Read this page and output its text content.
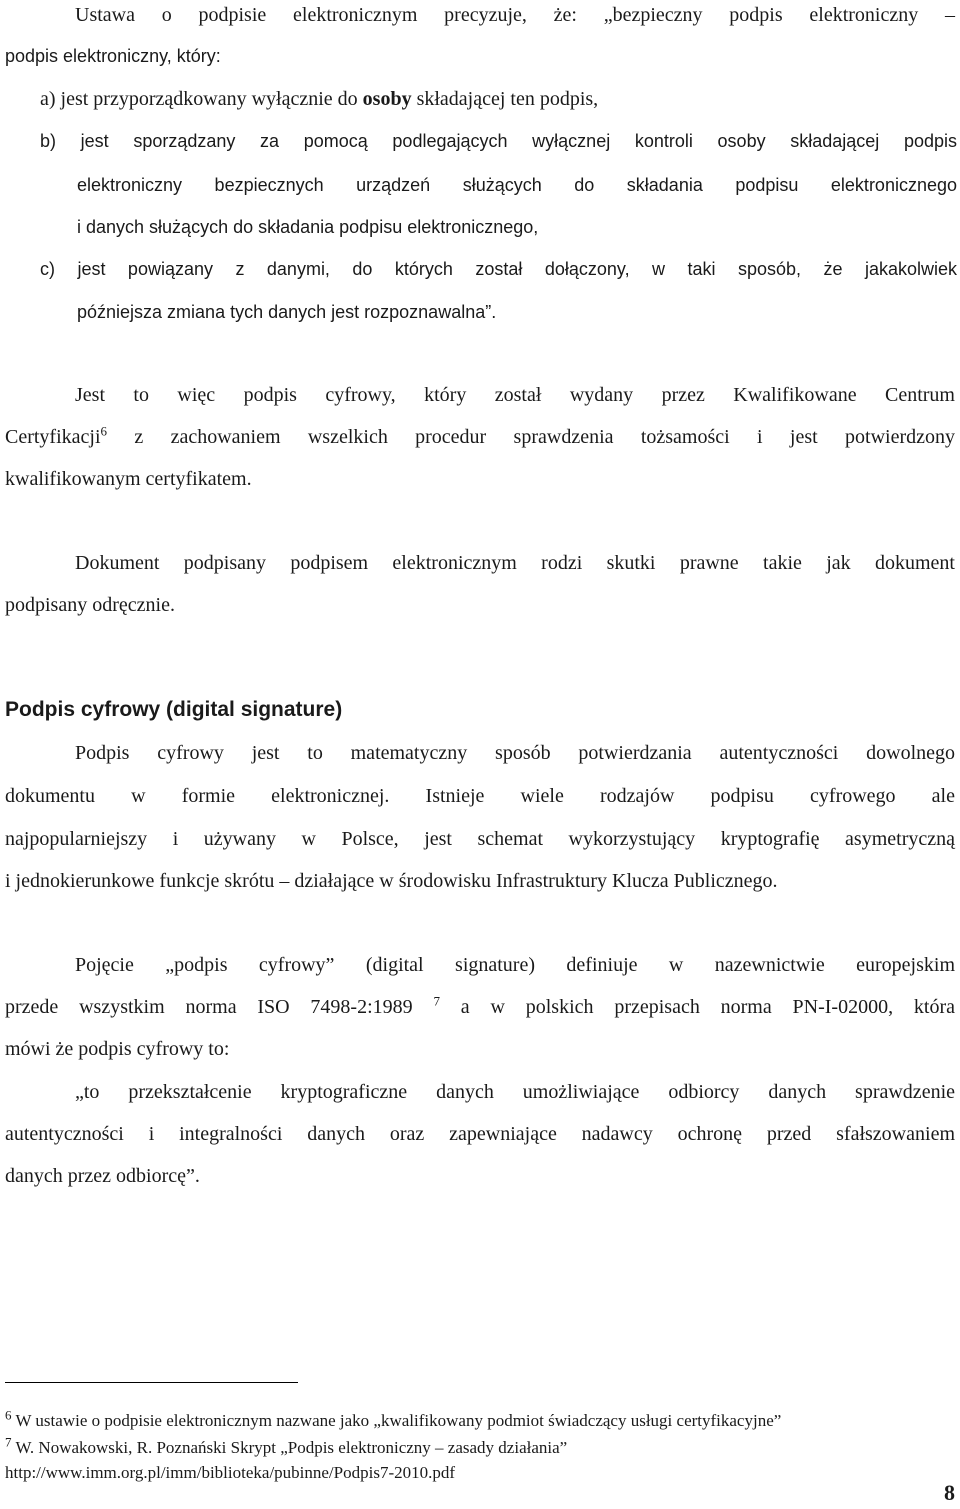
Ustawa o podpisie elektronicznym precyzuje, że: „bezpieczny podpis elektroniczny –
podpis elektroniczny, który:
a) jest przyporządkowany wyłącznie do osoby składającej ten podpis,
b) jest sporządzany za pomocą podlegających wyłącznej kontroli osoby składającej podpis
elektroniczny bezpiecznych urządzeń służących do składania podpisu elektronicznego
i danych służących do składania podpisu elektronicznego,
c) jest powiązany z danymi, do których został dołączony, w taki sposób, że jakakolwiek
późniejsza zmiana tych danych jest rozpoznawalna”.
Jest to więc podpis cyfrowy, który został wydany przez Kwalifikowane Centrum
Certyfikacji$^6$ z zachowaniem wszelkich procedur sprawdzenia tożsamości i jest potwierdzony
kwalifikowanym certyfikatem.
Dokument podpisany podpisem elektronicznym rodzi skutki prawne takie jak dokument
podpisany odręcznie.
Podpis cyfrowy (digital signature)
Podpis cyfrowy jest to matematyczny sposób potwierdzania autentyczności dowolnego
dokumentu w formie elektronicznej. Istnieje wiele rodzajów podpisu cyfrowego ale
najpopularniejszy i używany w Polsce, jest schemat wykorzystujący kryptografię asymetryczną
i jednokierunkowe funkcje skrótu – działające w środowisku Infrastruktury Klucza Publicznego.
Pojęcie „podpis cyfrowy” (digital signature) definiuje w nazewnictwie europejskim
przede wszystkim norma ISO 7498-2:1989 $^7$ a w polskich przepisach norma PN-I-02000, która
mówi że podpis cyfrowy to:
„to przekształcenie kryptograficzne danych umożliwiające odbiorcy danych sprawdzenie
autentyczności i integralności danych oraz zapewniające nadawcy ochronę przed sfałszowaniem
danych przez odbiorcę”.
$^6$ W ustawie o podpisie elektronicznym nazwane jako „kwalifikowany podmiot świadczący usługi certyfikacyjne”
$^7$ W. Nowakowski, R. Poznański Skrypt „Podpis elektroniczny – zasady działania”
http://www.imm.org.pl/imm/biblioteka/pubinne/Podpis7-2010.pdf
8
